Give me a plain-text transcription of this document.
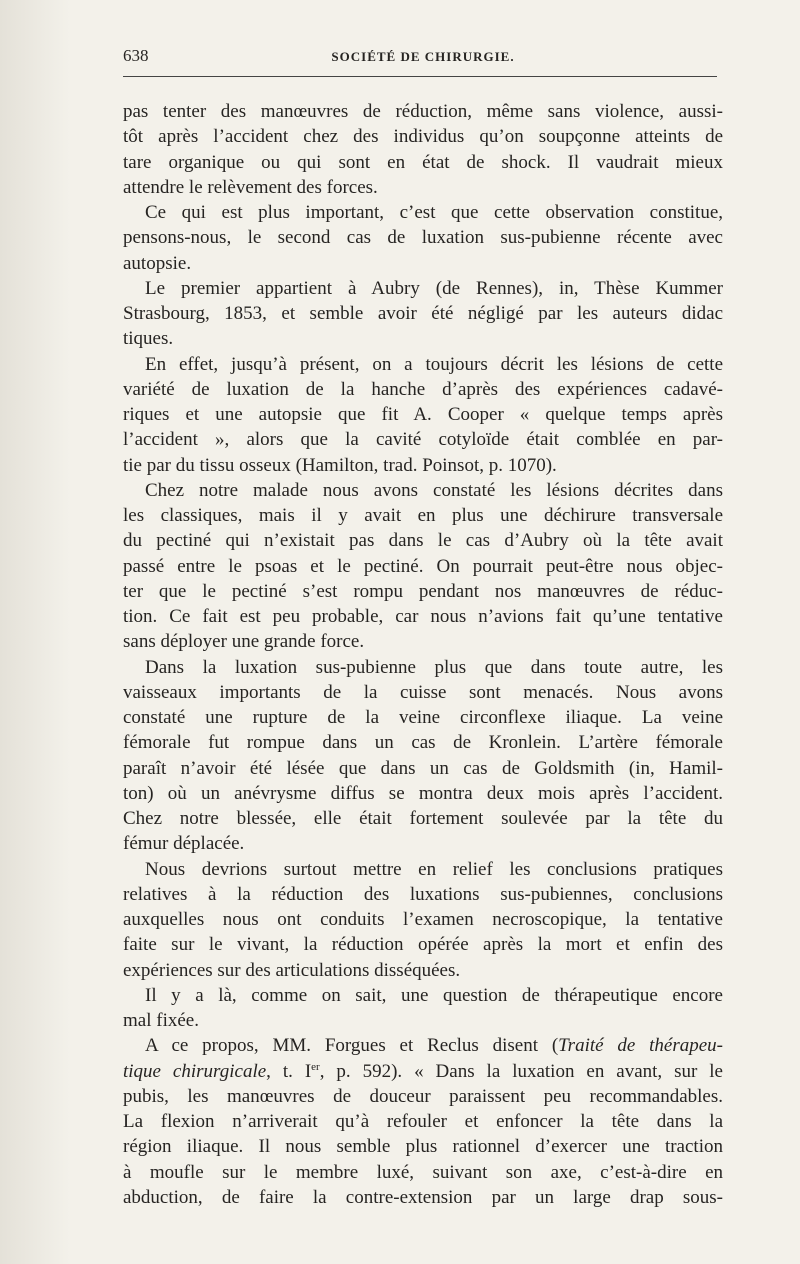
638	SOCIÉTÉ DE CHIRURGIE.
pas tenter des manœuvres de réduction, même sans violence, aussi-
tôt après l’accident chez des individus qu’on soupçonne atteints de
tare organique ou qui sont en état de shock. Il vaudrait mieux
attendre le relèvement des forces.
Ce qui est plus important, c’est que cette observation constitue,
pensons-nous, le second cas de luxation sus-pubienne récente avec
autopsie.
Le premier appartient à Aubry (de Rennes), in, Thèse Kummer
Strasbourg, 1853, et semble avoir été négligé par les auteurs didac
tiques.
En effet, jusqu’à présent, on a toujours décrit les lésions de cette
variété de luxation de la hanche d’après des expériences cadavé-
riques et une autopsie que fit A. Cooper « quelque temps après
l’accident », alors que la cavité cotyloïde était comblée en par-
tie par du tissu osseux (Hamilton, trad. Poinsot, p. 1070).
Chez notre malade nous avons constaté les lésions décrites dans
les classiques, mais il y avait en plus une déchirure transversale
du pectiné qui n’existait pas dans le cas d’Aubry où la tête avait
passé entre le psoas et le pectiné. On pourrait peut-être nous objec-
ter que le pectiné s’est rompu pendant nos manœuvres de réduc-
tion. Ce fait est peu probable, car nous n’avions fait qu’une tentative
sans déployer une grande force.
Dans la luxation sus-pubienne plus que dans toute autre, les
vaisseaux importants de la cuisse sont menacés. Nous avons
constaté une rupture de la veine circonflexe iliaque. La veine
fémorale fut rompue dans un cas de Kronlein. L’artère fémorale
paraît n’avoir été lésée que dans un cas de Goldsmith (in, Hamil-
ton) où un anévrysme diffus se montra deux mois après l’accident.
Chez notre blessée, elle était fortement soulevée par la tête du
fémur déplacée.
Nous devrions surtout mettre en relief les conclusions pratiques
relatives à la réduction des luxations sus-pubiennes, conclusions
auxquelles nous ont conduits l’examen necroscopique, la tentative
faite sur le vivant, la réduction opérée après la mort et enfin des
expériences sur des articulations disséquées.
Il y a là, comme on sait, une question de thérapeutique encore
mal fixée.
A ce propos, MM. Forgues et Reclus disent (Traité de thérapeu-
tique chirurgicale, t. Ier, p. 592). « Dans la luxation en avant, sur le
pubis, les manœuvres de douceur paraissent peu recommandables.
La flexion n’arriverait qu’à refouler et enfoncer la tête dans la
région iliaque. Il nous semble plus rationnel d’exercer une traction
à moufle sur le membre luxé, suivant son axe, c’est-à-dire en
abduction, de faire la contre-extension par un large drap sous-
